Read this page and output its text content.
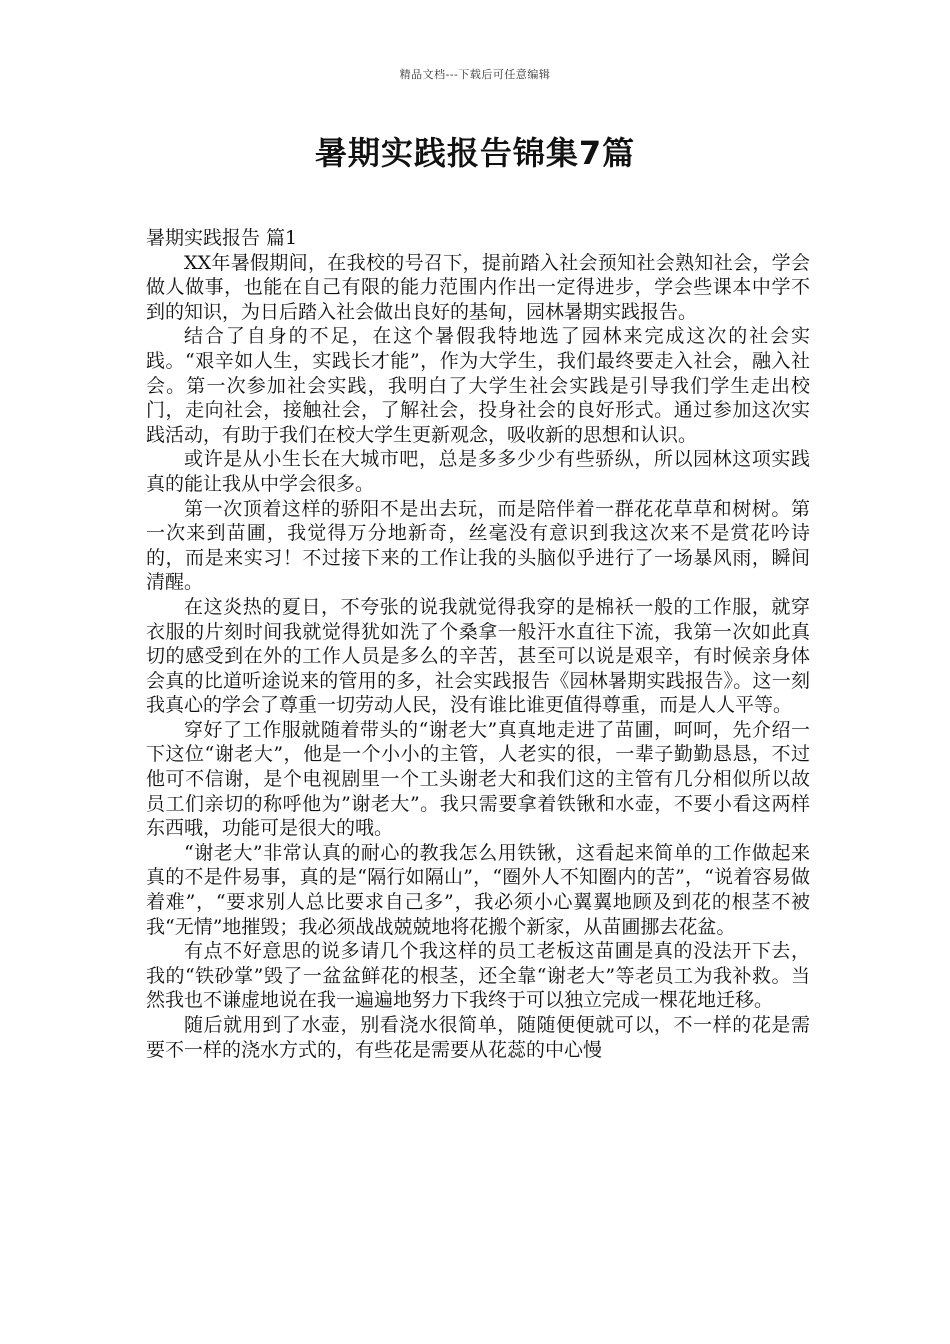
精品文档---下载后可任意编辑
暑期实践报告锦集7篇
暑期实践报告 篇1

XX年暑假期间，在我校的号召下，提前踏入社会预知社会熟知社会，学会做人做事，也能在自己有限的能力范围内作出一定得进步，学会些课本中学不到的知识，为日后踏入社会做出良好的基甸，园林暑期实践报告。

结合了自身的不足，在这个暑假我特地选了园林来完成这次的社会实践。“艰辛如人生，实践长才能”，作为大学生，我们最终要走入社会，融入社会。第一次参加社会实践，我明白了大学生社会实践是引导我们学生走出校门，走向社会，接触社会，了解社会，投身社会的良好形式。通过参加这次实践活动，有助于我们在校大学生更新观念，吸收新的思想和认识。

或许是从小生长在大城市吧，总是多多少少有些骄纵，所以园林这项实践真的能让我从中学会很多。

第一次顶着这样的骄阳不是出去玩，而是陪伴着一群花花草草和树树。第一次来到苗圃，我觉得万分地新奇，丝毫没有意识到我这次来不是赏花吟诗的，而是来实习！不过接下来的工作让我的头脑似乎进行了一场暴风雨，瞬间清醒。

在这炎热的夏日，不夸张的说我就觉得我穿的是棉袄一般的工作服，就穿衣服的片刻时间我就觉得犹如洗了个桑拿一般汗水直往下流，我第一次如此真切的感受到在外的工作人员是多么的辛苦，甚至可以说是艰辛，有时候亲身体会真的比道听途说来的管用的多，社会实践报告《园林暑期实践报告》。这一刻我真心的学会了尊重一切劳动人民，没有谁比谁更值得尊重，而是人人平等。

穿好了工作服就随着带头的“谢老大”真真地走进了苗圃，呵呵，先介绍一下这位“谢老大”，他是一个小小的主管，人老实的很，一辈子勤勤恳恳，不过他可不信谢，是个电视剧里一个工头谢老大和我们这的主管有几分相似所以故员工们亲切的称呼他为”谢老大”。我只需要拿着铁锹和水壶，不要小看这两样东西哦，功能可是很大的哦。

“谢老大”非常认真的耐心的教我怎么用铁锹，这看起来简单的工作做起来真的不是件易事，真的是“隔行如隔山”，“圈外人不知圈内的苦”，“说着容易做着难”，“要求别人总比要求自己多”，我必须小心翼翼地顾及到花的根茎不被我“无情”地摧毁；我必须战战兢兢地将花搬个新家，从苗圃挪去花盆。

有点不好意思的说多请几个我这样的员工老板这苗圃是真的没法开下去，我的“铁砂掌”毁了一盆盆鲜花的根茎，还全靠“谢老大”等老员工为我补救。当然我也不谦虚地说在我一遍遍地努力下我终于可以独立完成一棵花地迁移。

随后就用到了水壶，别看浇水很简单，随随便便就可以，不一样的花是需要不一样的浇水方式的，有些花是需要从花蕊的中心慢
